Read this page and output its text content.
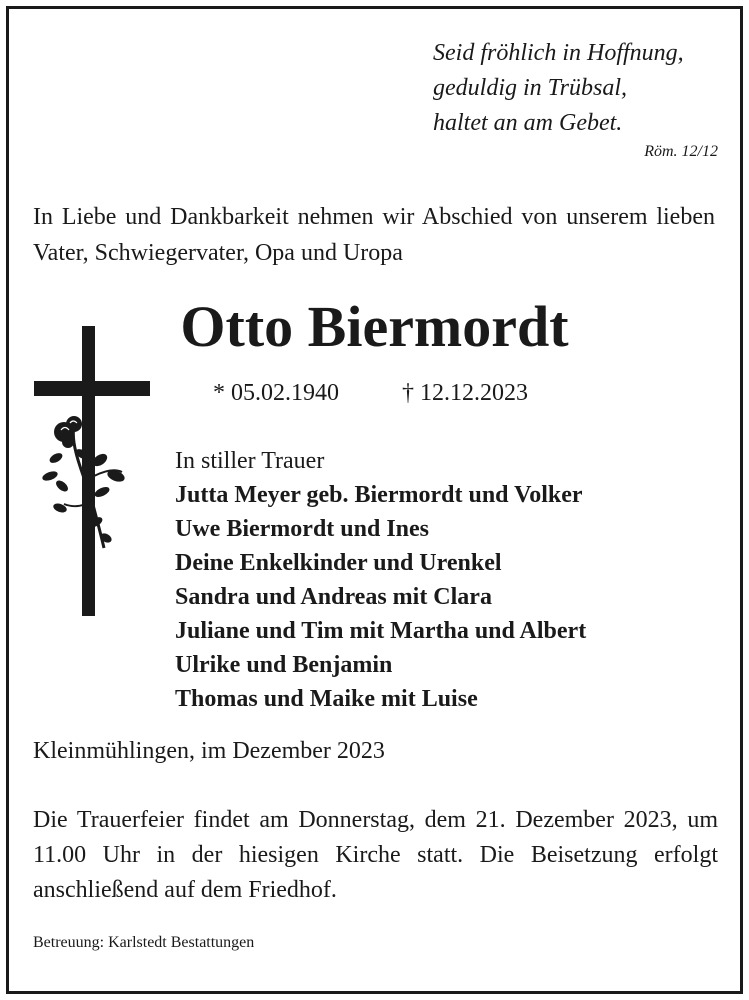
Seid fröhlich in Hoffnung,
geduldig in Trübsal,
haltet an am Gebet.
Röm. 12/12
In Liebe und Dankbarkeit nehmen wir Abschied von unserem lieben Vater, Schwiegervater, Opa und Uropa
Otto Biermordt
* 05.02.1940	† 12.12.2023
In stiller Trauer
Jutta Meyer geb. Biermordt und Volker
Uwe Biermordt und Ines
Deine Enkelkinder und Urenkel
Sandra und Andreas mit Clara
Juliane und Tim mit Martha und Albert
Ulrike und Benjamin
Thomas und Maike mit Luise
Kleinmühlingen, im Dezember 2023
Die Trauerfeier findet am Donnerstag, dem 21. Dezember 2023, um 11.00 Uhr in der hiesigen Kirche statt. Die Beisetzung erfolgt anschließend auf dem Friedhof.
Betreuung: Karlstedt Bestattungen
